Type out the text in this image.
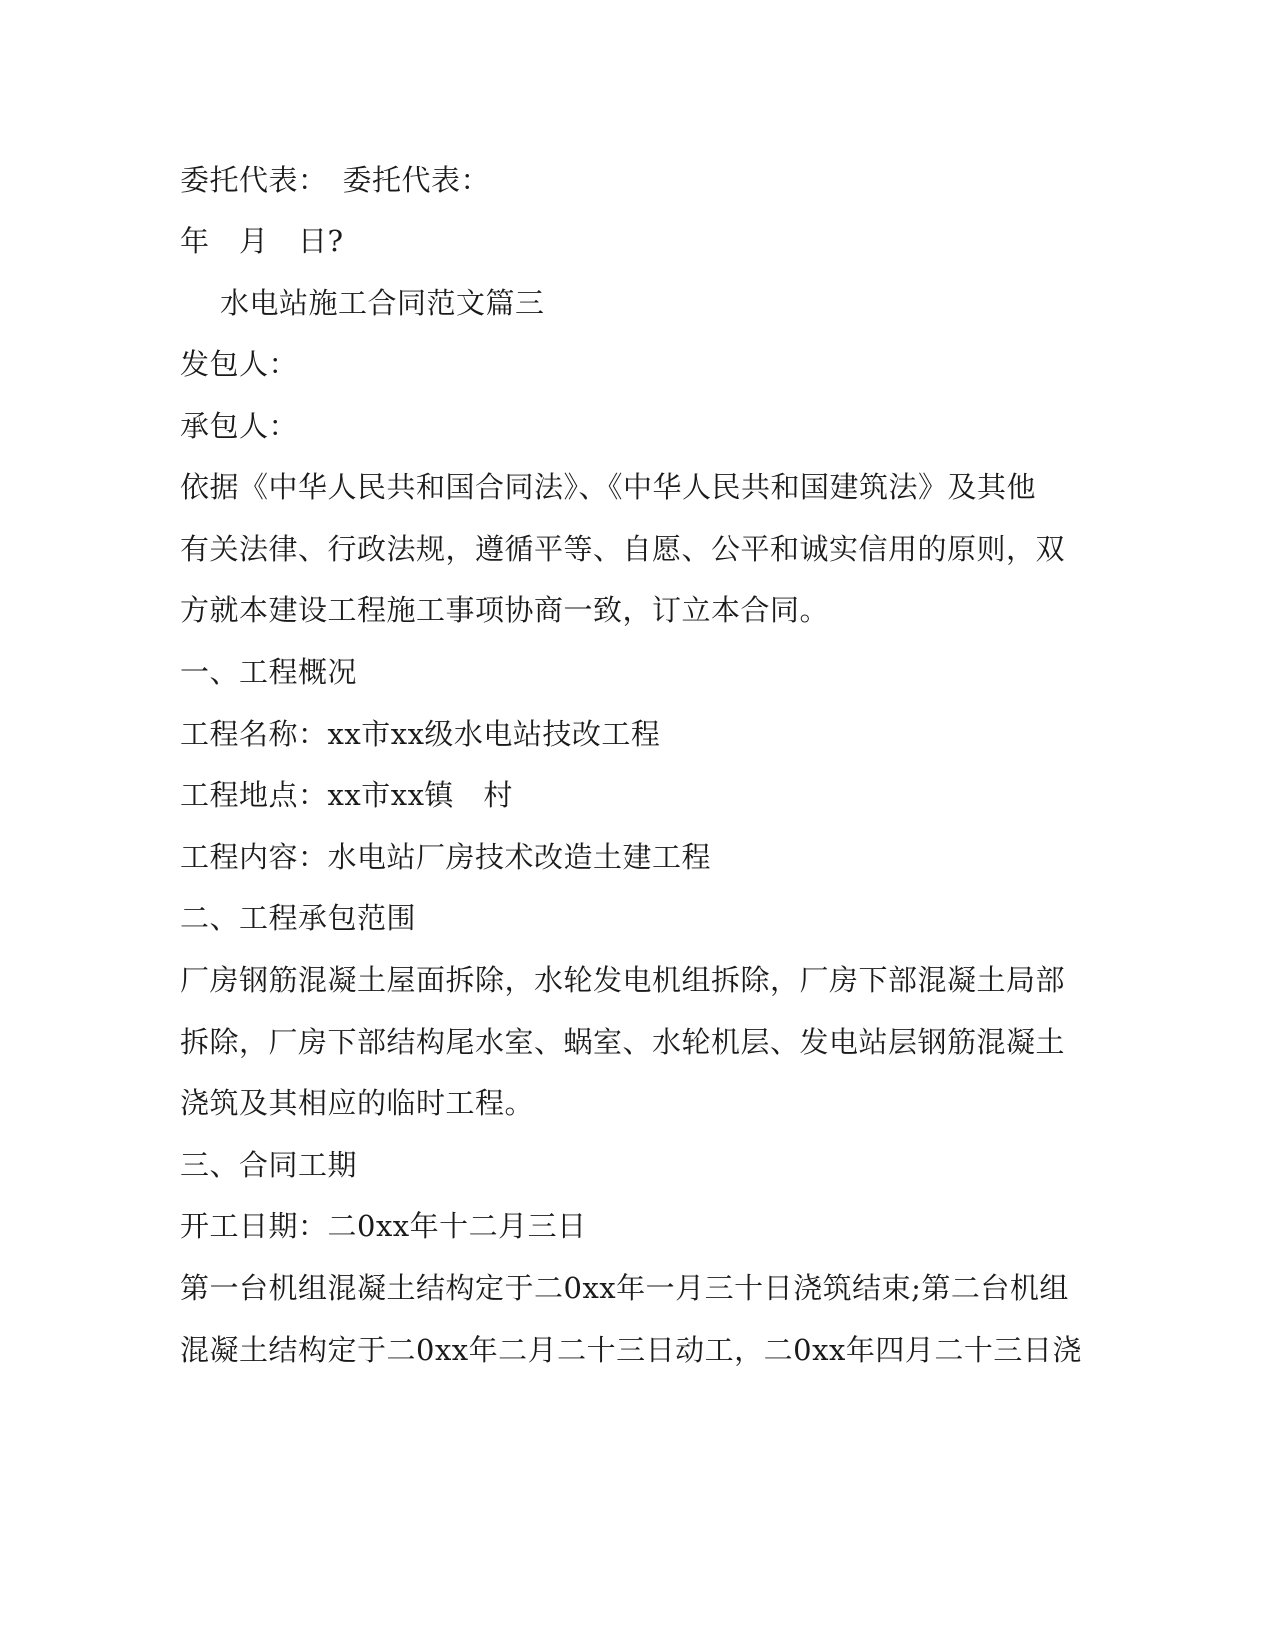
委托代表：　委托代表：
年　月　日?
水电站施工合同范文篇三
发包人：
承包人：
依据《中华人民共和国合同法》、《中华人民共和国建筑法》及其他
有关法律、行政法规，遵循平等、自愿、公平和诚实信用的原则，双
方就本建设工程施工事项协商一致，订立本合同。
一、工程概况
工程名称：xx市xx级水电站技改工程
工程地点：xx市xx镇　村
工程内容：水电站厂房技术改造土建工程
二、工程承包范围
厂房钢筋混凝土屋面拆除，水轮发电机组拆除，厂房下部混凝土局部
拆除，厂房下部结构尾水室、蜗室、水轮机层、发电站层钢筋混凝土
浇筑及其相应的临时工程。
三、合同工期
开工日期：二0xx年十二月三日
第一台机组混凝土结构定于二0xx年一月三十日浇筑结束;第二台机组
混凝土结构定于二0xx年二月二十三日动工，二0xx年四月二十三日浇
